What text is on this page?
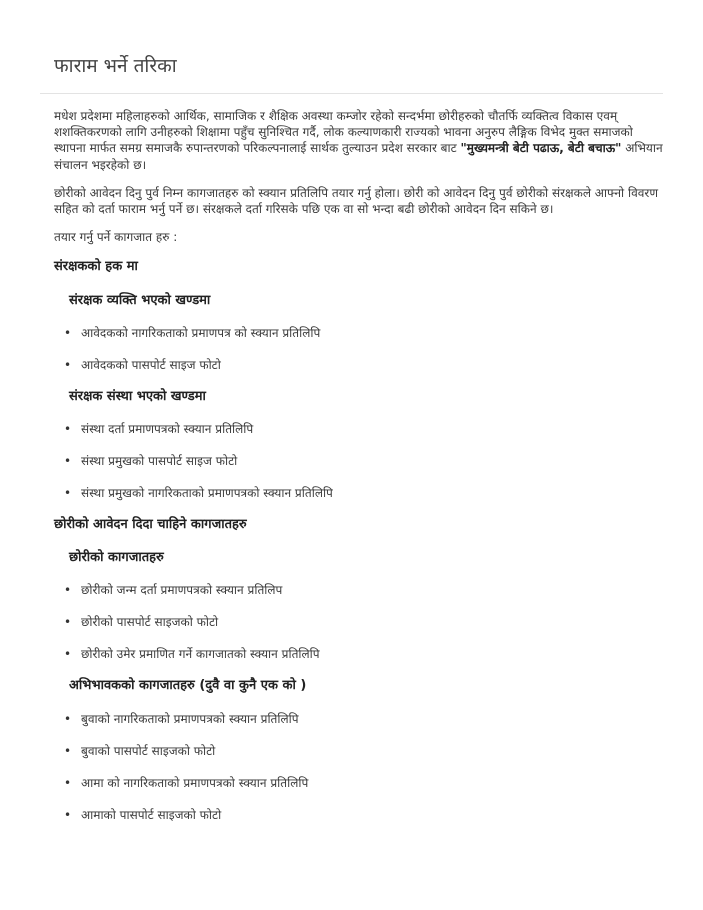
फाराम भर्ने तरिका

मधेश प्रदेशमा महिलाहरुको आर्थिक, सामाजिक र शैक्षिक अवस्था कम्जोर रहेको सन्दर्भमा छोरीहरुको चौतर्फि व्यक्तित्व विकास एवम् शशक्तिकरणको लागि उनीहरुको शिक्षामा पहुँच सुनिश्चित गर्दै, लोक कल्याणकारी राज्यको भावना अनुरुप लैङ्गिक विभेद मुक्त समाजको स्थापना मार्फत समग्र समाजकै रुपान्तरणको परिकल्पनालाई सार्थक तुल्याउन प्रदेश सरकार बाट "मुख्यमन्त्री बेटी पढाऊ, बेटी बचाऊ" अभियान संचालन भइरहेको छ।

छोरीको आवेदन दिनु पुर्व निम्न कागजातहरु को स्क्यान प्रतिलिपि तयार गर्नु होला। छोरी को आवेदन दिनु पुर्व छोरीको संरक्षकले आफ्नो विवरण सहित को दर्ता फाराम भर्नु पर्ने छ। संरक्षकले दर्ता गरिसके पछि एक वा सो भन्दा बढी छोरीको आवेदन दिन सकिने छ।

तयार गर्नु पर्ने कागजात हरु :

संरक्षकको हक मा
संरक्षक व्यक्ति भएको खण्डमा
• आवेदकको नागरिकताको प्रमाणपत्र को स्क्यान प्रतिलिपि
• आवेदकको पासपोर्ट साइज फोटो
संरक्षक संस्था भएको खण्डमा
• संस्था दर्ता प्रमाणपत्रको स्क्यान प्रतिलिपि
• संस्था प्रमुखको पासपोर्ट साइज फोटो
• संस्था प्रमुखको नागरिकताको प्रमाणपत्रको स्क्यान प्रतिलिपि
छोरीको आवेदन दिदा चाहिने कागजातहरु
छोरीको कागजातहरु
• छोरीको जन्म दर्ता प्रमाणपत्रको स्क्यान प्रतिलिप
• छोरीको पासपोर्ट साइजको फोटो
• छोरीको उमेर प्रमाणित गर्ने कागजातको स्क्यान प्रतिलिपि
अभिभावकको कागजातहरु (दुवै वा कुनै एक को )
• बुवाको नागरिकताको प्रमाणपत्रको स्क्यान प्रतिलिपि
• बुवाको पासपोर्ट साइजको फोटो
• आमा को नागरिकताको प्रमाणपत्रको स्क्यान प्रतिलिपि
• आमाको पासपोर्ट साइजको फोटो
